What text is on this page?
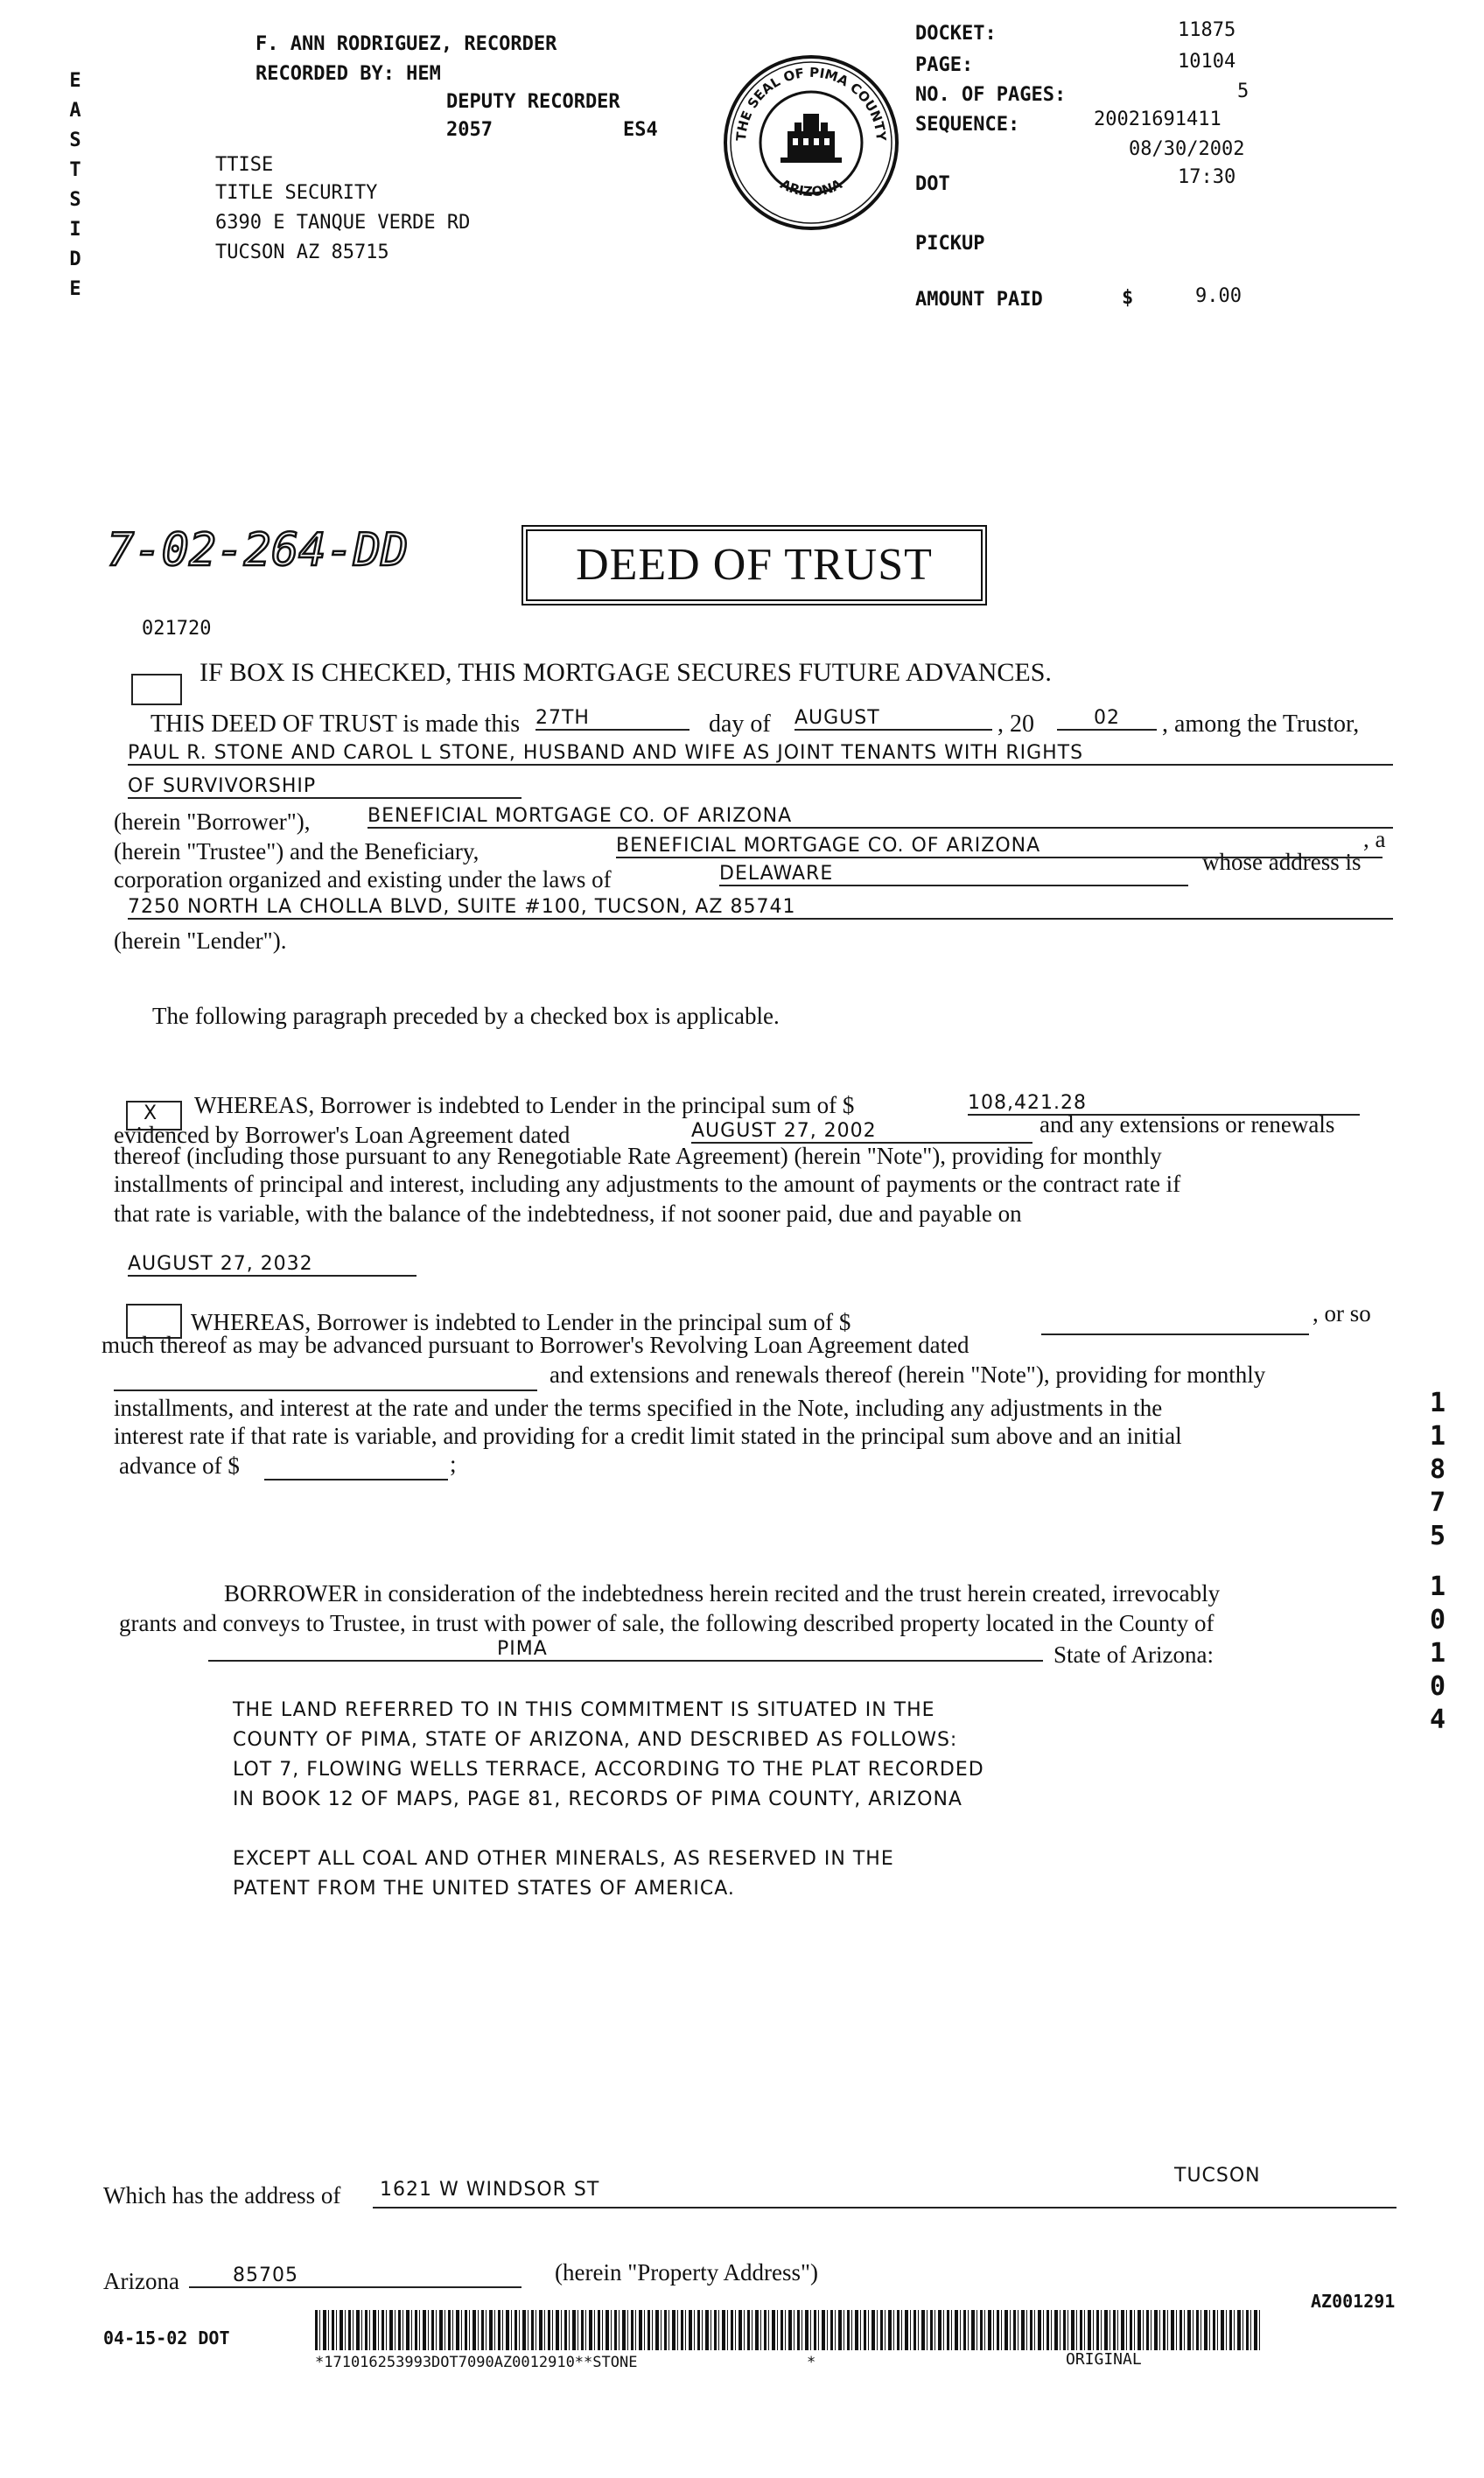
E
A
S
T
S
I
D
E
F. ANN RODRIGUEZ, RECORDER
RECORDED BY: HEM
DEPUTY RECORDER
2057	ES4
TTISE
TITLE SECURITY
6390 E TANQUE VERDE RD
TUCSON AZ 85715
THE SEAL OF PIMA COUNTY
ARIZONA
DOCKET:	11875
PAGE:	10104
NO. OF PAGES:	5
SEQUENCE:	20021691411
08/30/2002
DOT	17:30
PICKUP
AMOUNT PAID	$	9.00
7-02-264-DD	DEED OF TRUST
021720
IF BOX IS CHECKED, THIS MORTGAGE SECURES FUTURE ADVANCES.
THIS DEED OF TRUST is made this 27TH	day of AUGUST	, 20	02	, among the Trustor,
PAUL R. STONE AND CAROL L STONE, HUSBAND AND WIFE AS JOINT TENANTS WITH RIGHTS
OF SURVIVORSHIP
(herein "Borrower"),	BENEFICIAL MORTGAGE CO. OF ARIZONA
(herein "Trustee") and the Beneficiary,	BENEFICIAL MORTGAGE CO. OF ARIZONA	, a
corporation organized and existing under the laws of	DELAWARE	whose address is
7250 NORTH LA CHOLLA BLVD, SUITE #100, TUCSON, AZ 85741
(herein "Lender").
The following paragraph preceded by a checked box is applicable.
X WHEREAS, Borrower is indebted to Lender in the principal sum of $	108,421.28
evidenced by Borrower's Loan Agreement dated	AUGUST 27, 2002	and any extensions or renewals
thereof (including those pursuant to any Renegotiable Rate Agreement) (herein "Note"), providing for monthly
installments of principal and interest, including any adjustments to the amount of payments or the contract rate if
that rate is variable, with the balance of the indebtedness, if not sooner paid, due and payable on
AUGUST 27, 2032
WHEREAS, Borrower is indebted to Lender in the principal sum of $	, or so
much thereof as may be advanced pursuant to Borrower's Revolving Loan Agreement dated
and extensions and renewals thereof (herein "Note"), providing for monthly
installments, and interest at the rate and under the terms specified in the Note, including any adjustments in the
interest rate if that rate is variable, and providing for a credit limit stated in the principal sum above and an initial
advance of $	;
BORROWER in consideration of the indebtedness herein recited and the trust herein created, irrevocably
grants and conveys to Trustee, in trust with power of sale, the following described property located in the County of
PIMA	State of Arizona:
THE LAND REFERRED TO IN THIS COMMITMENT IS SITUATED IN THE
COUNTY OF PIMA, STATE OF ARIZONA, AND DESCRIBED AS FOLLOWS:
LOT 7, FLOWING WELLS TERRACE, ACCORDING TO THE PLAT RECORDED
IN BOOK 12 OF MAPS, PAGE 81, RECORDS OF PIMA COUNTY, ARIZONA
EXCEPT ALL COAL AND OTHER MINERALS, AS RESERVED IN THE
PATENT FROM THE UNITED STATES OF AMERICA.
Which has the address of 1621 W WINDSOR ST
TUCSON
Arizona	85705	(herein "Property Address")
AZ001291
04-15-02 DOT
*171016253993DOT7090AZ0012910**STONE	*	ORIGINAL
1
1
8
7
5
1
0
1
0
4
